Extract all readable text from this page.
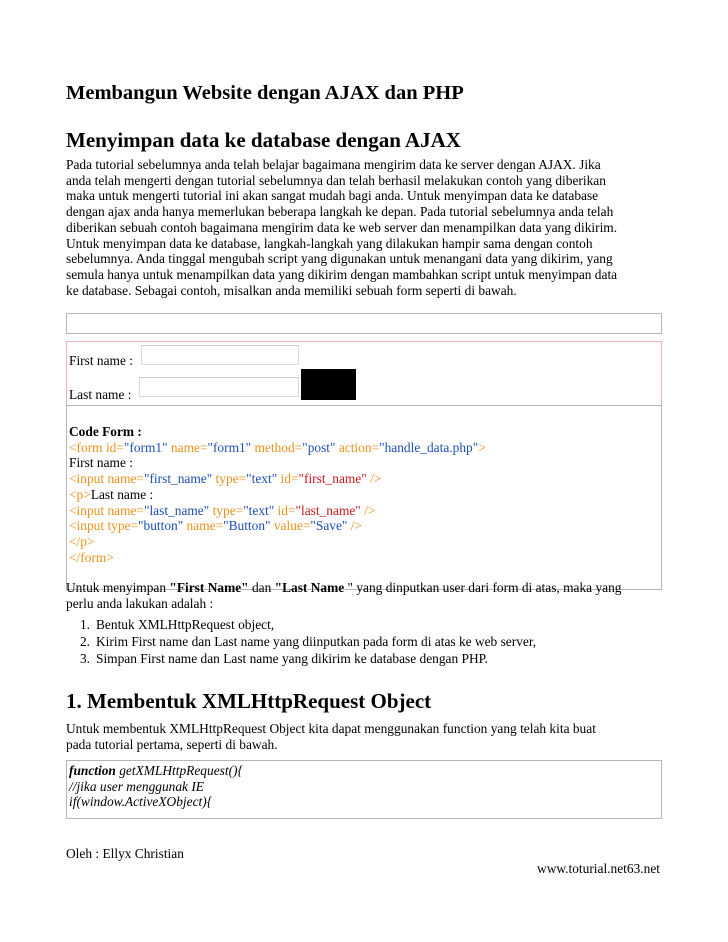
Membangun Website dengan AJAX dan PHP
Menyimpan data ke database dengan AJAX
Pada tutorial sebelumnya anda telah belajar bagaimana mengirim data ke server dengan AJAX. Jika
anda telah mengerti dengan tutorial sebelumnya dan telah berhasil melakukan contoh yang diberikan
maka untuk mengerti tutorial ini akan sangat mudah bagi anda. Untuk menyimpan data ke database
dengan ajax anda hanya memerlukan beberapa langkah ke depan. Pada tutorial sebelumnya anda telah
diberikan sebuah contoh bagaimana mengirim data ke web server dan menampilkan data yang dikirim.
Untuk menyimpan data ke database, langkah-langkah yang dilakukan hampir sama dengan contoh
sebelumnya. Anda tinggal mengubah script yang digunakan untuk menangani data yang dikirim, yang
semula hanya untuk menampilkan data yang dikirim dengan mambahkan script untuk menyimpan data
ke database. Sebagai contoh, misalkan anda memiliki sebuah form seperti di bawah.
First name :
Last name :
Code Form :
<form id="form1" name="form1" method="post" action="handle_data.php">
First name :
<input name="first_name" type="text" id="first_name" />
<p>Last name :
<input name="last_name" type="text" id="last_name" />
<input type="button" name="Button" value="Save" />
</p>
</form>
Untuk menyimpan "First Name" dan "Last Name " yang dinputkan user dari form di atas, maka yang
perlu anda lakukan adalah :
1. Bentuk XMLHttpRequest object,
2. Kirim First name dan Last name yang diinputkan pada form di atas ke web server,
3. Simpan First name dan Last name yang dikirim ke database dengan PHP.
1. Membentuk XMLHttpRequest Object
Untuk membentuk XMLHttpRequest Object kita dapat menggunakan function yang telah kita buat
pada tutorial pertama, seperti di bawah.
function getXMLHttpRequest(){
//jika user menggunak IE
if(window.ActiveXObject){
Oleh : Ellyx Christian
www.toturial.net63.net
